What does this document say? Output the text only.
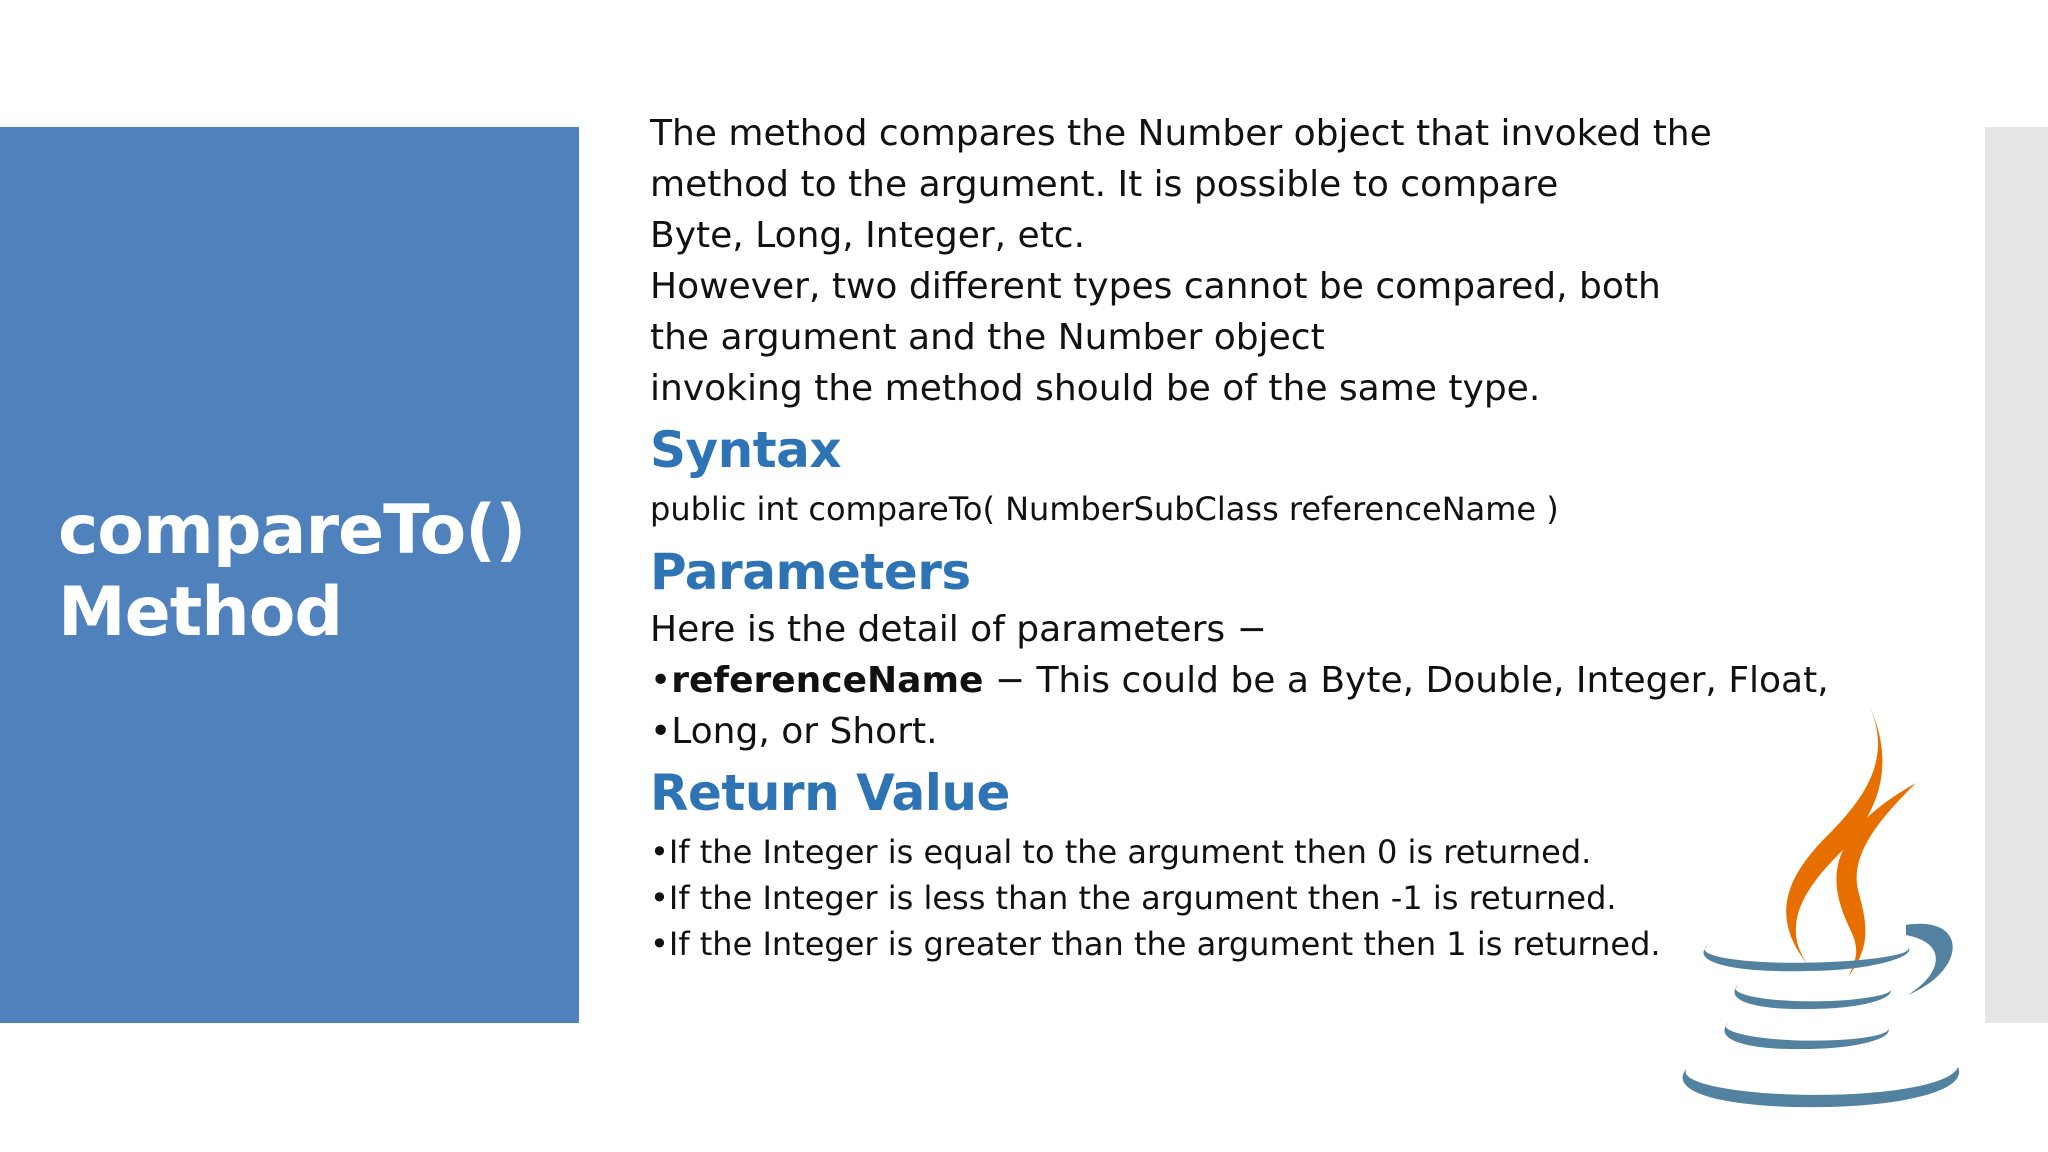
compareTo()
Method

The method compares the Number object that invoked the

method to the argument. It is possible to compare

Byte, Long, Integer, etc.

However, two different types cannot be compared, both

the argument and the Number object

invoking the method should be of the same type.

Syntax

public int compareTo( NumberSubClass referenceName )

Parameters

Here is the detail of parameters −

• referenceName − This could be a Byte, Double, Integer, Float,

• Long, or Short.

Return Value

• If the Integer is equal to the argument then 0 is returned.

• If the Integer is less than the argument then -1 is returned.

• If the Integer is greater than the argument then 1 is returned.
